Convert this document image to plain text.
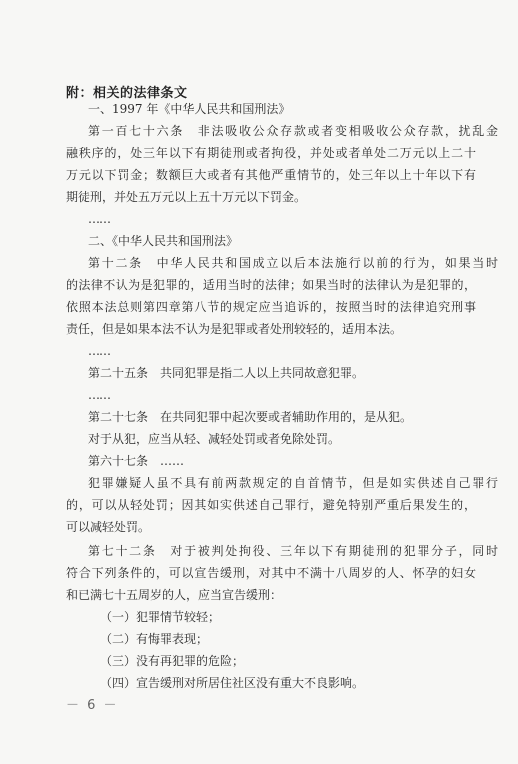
附：相关的法律条文
一、1997 年《中华人民共和国刑法》
第一百七十六条　非法吸收公众存款或者变相吸收公众存款，扰乱金
融秩序的，处三年以下有期徒刑或者拘役，并处或者单处二万元以上二十
万元以下罚金；数额巨大或者有其他严重情节的，处三年以上十年以下有
期徒刑，并处五万元以上五十万元以下罚金。
……
二、《中华人民共和国刑法》
第十二条　中华人民共和国成立以后本法施行以前的行为，如果当时
的法律不认为是犯罪的，适用当时的法律；如果当时的法律认为是犯罪的，
依照本法总则第四章第八节的规定应当追诉的，按照当时的法律追究刑事
责任，但是如果本法不认为是犯罪或者处刑较轻的，适用本法。
……
第二十五条　共同犯罪是指二人以上共同故意犯罪。
……
第二十七条　在共同犯罪中起次要或者辅助作用的，是从犯。
对于从犯，应当从轻、减轻处罚或者免除处罚。
第六十七条　……
犯罪嫌疑人虽不具有前两款规定的自首情节，但是如实供述自己罪行
的，可以从轻处罚；因其如实供述自己罪行，避免特别严重后果发生的，
可以减轻处罚。
第七十二条　对于被判处拘役、三年以下有期徒刑的犯罪分子，同时
符合下列条件的，可以宣告缓刑，对其中不满十八周岁的人、怀孕的妇女
和已满七十五周岁的人，应当宣告缓刑：
（一）犯罪情节较轻；
（二）有悔罪表现；
（三）没有再犯罪的危险；
（四）宣告缓刑对所居住社区没有重大不良影响。
－ 6 －
